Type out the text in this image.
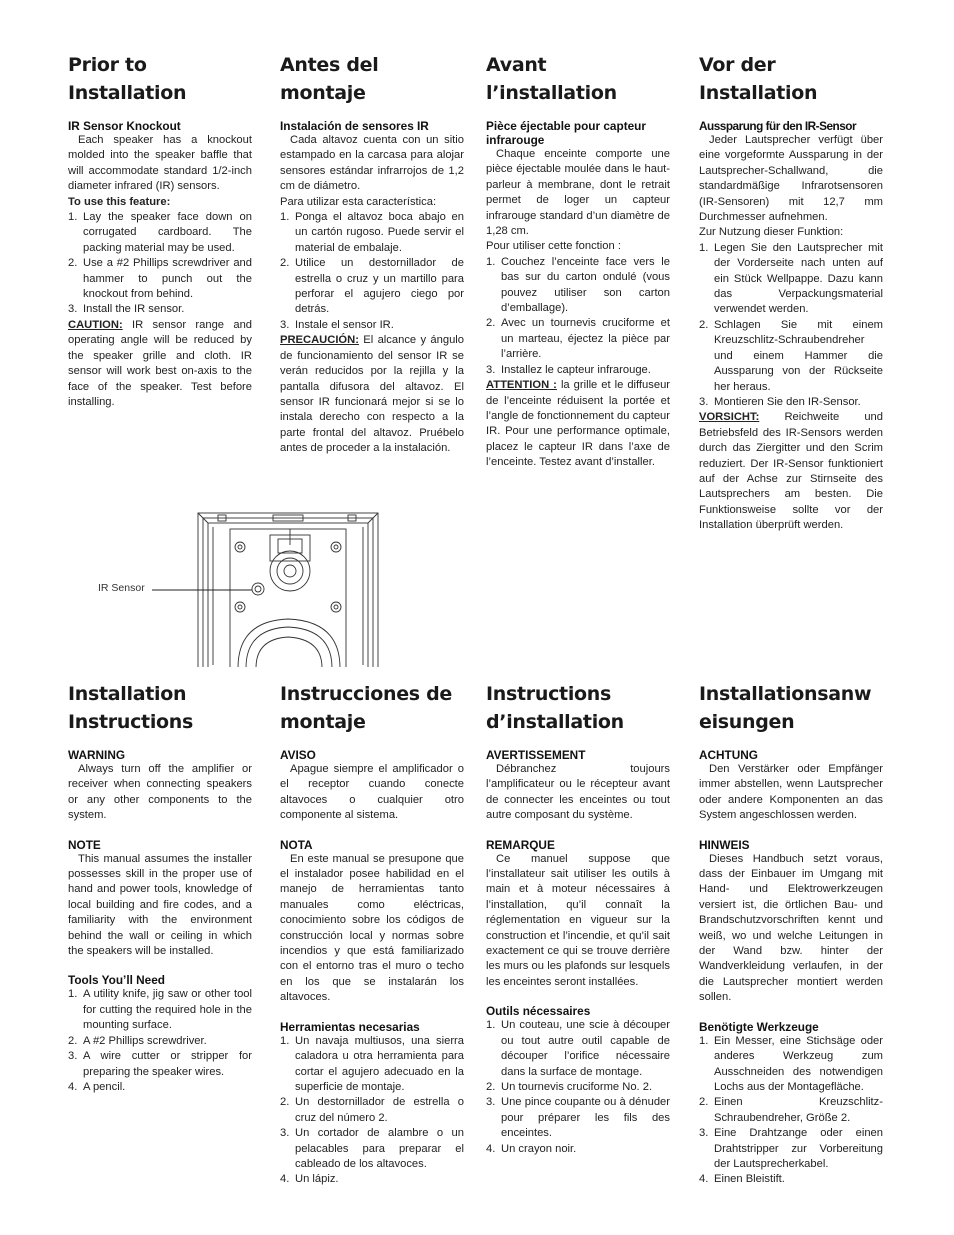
Prior to Installation
IR Sensor Knockout

Each speaker has a knockout molded into the speaker baffle that will accommodate standard 1/2-inch diameter infrared (IR) sensors.

To use this feature:
1. Lay the speaker face down on corrugated cardboard. The packing material may be used.
2. Use a #2 Phillips screwdriver and hammer to punch out the knockout from behind.
3. Install the IR sensor.

CAUTION: IR sensor range and operating angle will be reduced by the speaker grille and cloth. IR sensor will work best on-axis to the face of the speaker. Test before installing.

Antes del montaje
Instalación de sensores IR

Cada altavoz cuenta con un sitio estampado en la carcasa para alojar sensores estándar infrarrojos de 1,2 cm de diámetro.

Para utilizar esta característica:
1. Ponga el altavoz boca abajo en un cartón rugoso. Puede servir el material de embalaje.
2. Utilice un destornillador de estrella o cruz y un martillo para perforar el agujero ciego por detrás.
3. Instale el sensor IR.

PRECAUCIÓN: El alcance y ángulo de funcionamiento del sensor IR se verán reducidos por la rejilla y la pantalla difusora del altavoz. El sensor IR funcionará mejor si se lo instala derecho con respecto a la parte frontal del altavoz. Pruébelo antes de proceder a la instalación.

Avant l’installation
Pièce éjectable pour capteur infrarouge

Chaque enceinte comporte une pièce éjectable moulée dans le haut-parleur à membrane, dont le retrait permet de loger un capteur infrarouge standard d’un diamètre de 1,28 cm.

Pour utiliser cette fonction :
1. Couchez l’enceinte face vers le bas sur du carton ondulé (vous pouvez utiliser son carton d’emballage).
2. Avec un tournevis cruciforme et un marteau, éjectez la pièce par l’arrière.
3. Installez le capteur infrarouge.

ATTENTION : la grille et le diffuseur de l’enceinte réduisent la portée et l’angle de fonctionnement du capteur IR. Pour une performance optimale, placez le capteur IR dans l’axe de l’enceinte. Testez avant d’installer.

Vor der Installation
Aussparung für den IR-Sensor

Jeder Lautsprecher verfügt über eine vorgeformte Aussparung in der Lautsprecher-Schallwand, die standardmäßige Infrarotsensoren (IR-Sensoren) mit 12,7 mm Durchmesser aufnehmen.

Zur Nutzung dieser Funktion:
1. Legen Sie den Lautsprecher mit der Vorderseite nach unten auf ein Stück Wellpappe. Dazu kann das Verpackungsmaterial verwendet werden.
2. Schlagen Sie mit einem Kreuzschlitz-Schraubendreher und einem Hammer die Aussparung von der Rückseite her heraus.
3. Montieren Sie den IR-Sensor.

VORSICHT: Reichweite und Betriebsfeld des IR-Sensors werden durch das Ziergitter und den Scrim reduziert. Der IR-Sensor funktioniert auf der Achse zur Stirnseite des Lautsprechers am besten. Die Funktionsweise sollte vor der Installation überprüft werden.

IR Sensor
Installation Instructions
WARNING

Always turn off the amplifier or receiver when connecting speakers or any other components to the system.

NOTE

This manual assumes the installer possesses skill in the proper use of hand and power tools, knowledge of local building and fire codes, and a familiarity with the environment behind the wall or ceiling in which the speakers will be installed.

Tools You’ll Need
1. A utility knife, jig saw or other tool for cutting the required hole in the mounting surface.
2. A #2 Phillips screwdriver.
3. A wire cutter or stripper for preparing the speaker wires.
4. A pencil.
Instrucciones de montaje
AVISO

Apague siempre el amplificador o el receptor cuando conecte altavoces o cualquier otro componente al sistema.

NOTA

En este manual se presupone que el instalador posee habilidad en el manejo de herramientas tanto manuales como eléctricas, conocimiento sobre los códigos de construcción local y normas sobre incendios y que está familiarizado con el entorno tras el muro o techo en los que se instalarán los altavoces.

Herramientas necesarias
1. Un navaja multiusos, una sierra caladora u otra herramienta para cortar el agujero adecuado en la superficie de montaje.
2. Un destornillador de estrella o cruz del número 2.
3. Un cortador de alambre o un pelacables para preparar el cableado de los altavoces.
4. Un lápiz.
Instructions d’installation
AVERTISSEMENT

Débranchez toujours l’amplificateur ou le récepteur avant de connecter les enceintes ou tout autre composant du système.

REMARQUE

Ce manuel suppose que l’installateur sait utiliser les outils à main et à moteur nécessaires à l’installation, qu’il connaît la réglementation en vigueur sur la construction et l’incendie, et qu’il sait exactement ce qui se trouve derrière les murs ou les plafonds sur lesquels les enceintes seront installées.

Outils nécessaires
1. Un couteau, une scie à découper ou tout autre outil capable de découper l’orifice nécessaire dans la surface de montage.
2. Un tournevis cruciforme No. 2.
3. Une pince coupante ou à dénuder pour préparer les fils des enceintes.
4. Un crayon noir.
Installationsanweisungen
ACHTUNG

Den Verstärker oder Empfänger immer abstellen, wenn Lautsprecher oder andere Komponenten an das System angeschlossen werden.

HINWEIS

Dieses Handbuch setzt voraus, dass der Einbauer im Umgang mit Hand- und Elektrowerkzeugen versiert ist, die örtlichen Bau- und Brandschutzvorschriften kennt und weiß, wo und welche Leitungen in der Wand bzw. hinter der Wandverkleidung verlaufen, in der die Lautsprecher montiert werden sollen.

Benötigte Werkzeuge
1. Ein Messer, eine Stichsäge oder anderes Werkzeug zum Ausschneiden des notwendigen Lochs aus der Montagefläche.
2. Einen Kreuzschlitz-Schraubendreher, Größe 2.
3. Eine Drahtzange oder einen Drahtstripper zur Vorbereitung der Lautsprecherkabel.
4. Einen Bleistift.
